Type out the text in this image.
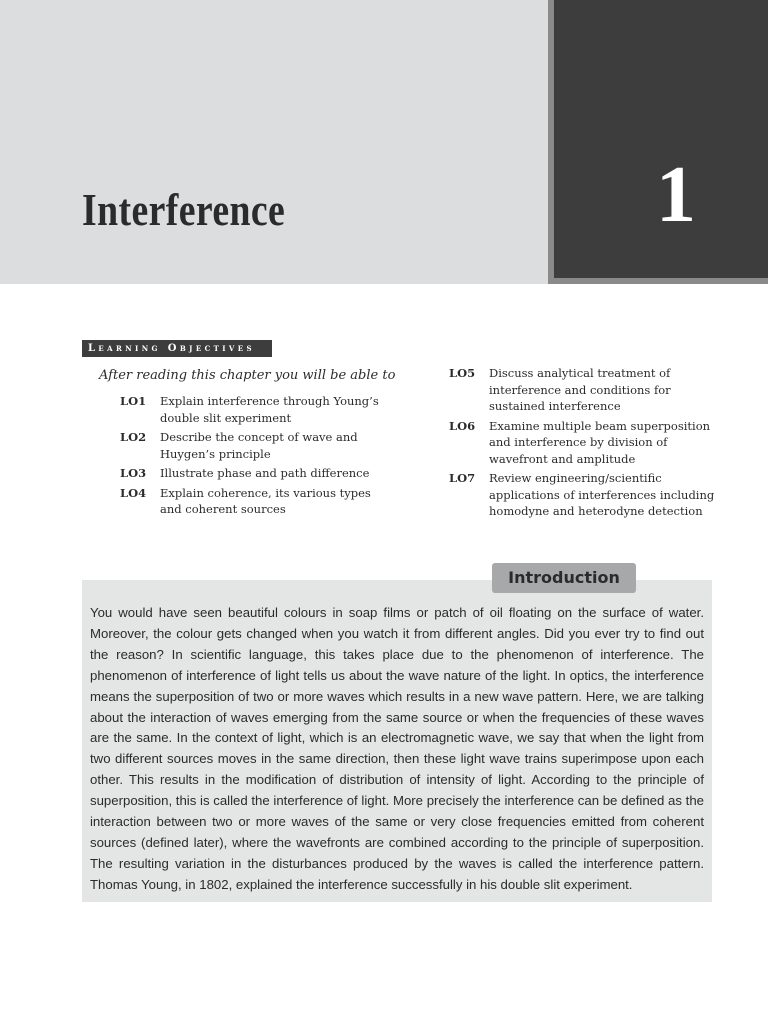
Interference	1
Learning Objectives
After reading this chapter you will be able to
LO1	Explain interference through Young’s double slit experiment
LO2	Describe the concept of wave and Huygen’s principle
LO3	Illustrate phase and path difference
LO4	Explain coherence, its various types and coherent sources
LO5	Discuss analytical treatment of interference and conditions for sustained interference
LO6	Examine multiple beam superposition and interference by division of wavefront and amplitude
LO7	Review engineering/scientific applications of interferences including homodyne and heterodyne detection
Introduction

You would have seen beautiful colours in soap films or patch of oil floating on the surface of water. Moreover, the colour gets changed when you watch it from different angles. Did you ever try to find out the reason? In scientific language, this takes place due to the phenomenon of interference. The phenomenon of interference of light tells us about the wave nature of the light. In optics, the interference means the superposition of two or more waves which results in a new wave pattern. Here, we are talking about the interaction of waves emerging from the same source or when the frequencies of these waves are the same. In the context of light, which is an electromagnetic wave, we say that when the light from two different sources moves in the same direction, then these light wave trains superimpose upon each other. This results in the modification of distribution of intensity of light. According to the principle of superposition, this is called the interference of light. More precisely the interference can be defined as the interaction between two or more waves of the same or very close frequencies emitted from coherent sources (defined later), where the wavefronts are combined according to the principle of superposition. The resulting variation in the disturbances produced by the waves is called the interference pattern. Thomas Young, in 1802, explained the interference successfully in his double slit experiment.
